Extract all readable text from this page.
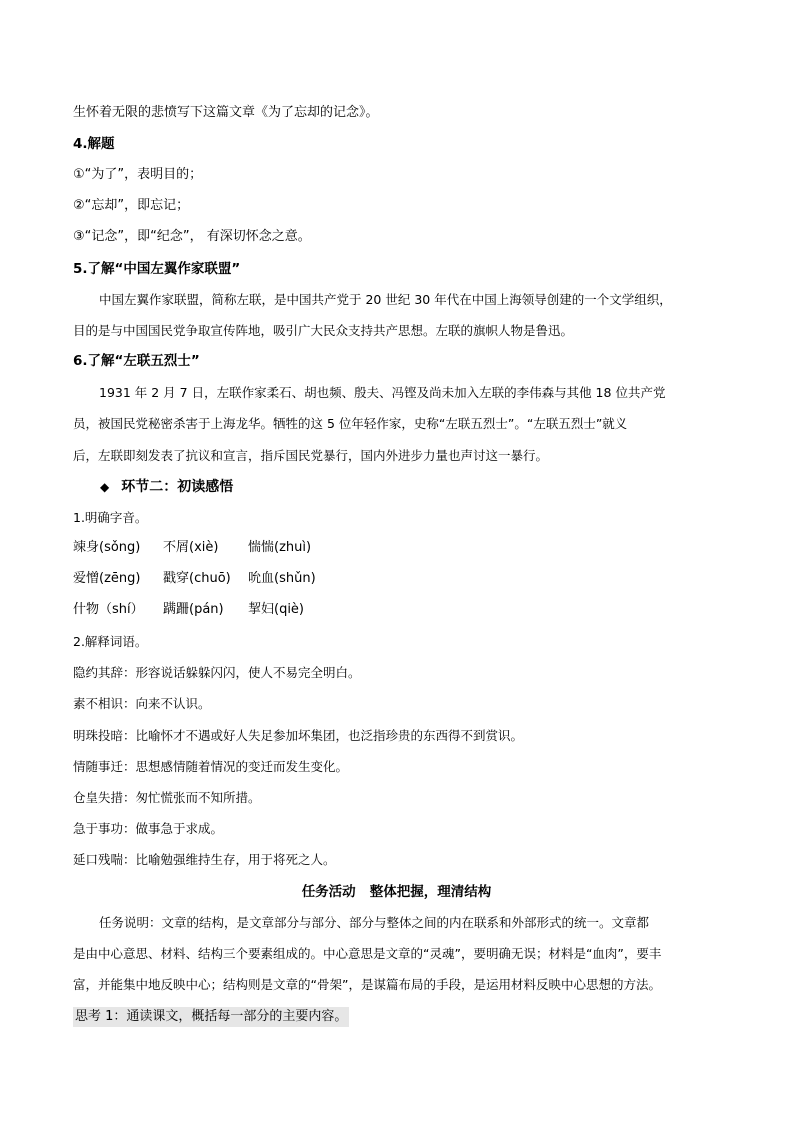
生怀着无限的悲愤写下这篇文章《为了忘却的记念》。
4.解题
①“为了”，表明目的；
②“忘却”，即忘记；
③“记念”，即“纪念”， 有深切怀念之意。
5.了解“中国左翼作家联盟”
中国左翼作家联盟，简称左联，是中国共产党于 20 世纪 30 年代在中国上海领导创建的一个文学组织，
目的是与中国国民党争取宣传阵地，吸引广大民众支持共产思想。左联的旗帜人物是鲁迅。
6.了解“左联五烈士”
1931 年 2 月 7 日，左联作家柔石、胡也频、殷夫、冯铿及尚未加入左联的李伟森与其他 18 位共产党
员，被国民党秘密杀害于上海龙华。牺牲的这 5 位年轻作家，史称“左联五烈士”。“左联五烈士”就义
后，左联即刻发表了抗议和宣言，指斥国民党暴行，国内外进步力量也声讨这一暴行。
◆ 环节二：初读感悟
1.明确字音。
竦身(sǒng) 不屑(xiè) 惴惴(zhuì)
爱憎(zēng) 戳穿(chuō) 吮血(shǔn)
什物（shí） 蹒跚(pán) 挈妇(qiè)
2.解释词语。
隐约其辞：形容说话躲躲闪闪，使人不易完全明白。
素不相识：向来不认识。
明珠投暗：比喻怀才不遇或好人失足参加坏集团，也泛指珍贵的东西得不到赏识。
情随事迁：思想感情随着情况的变迁而发生变化。
仓皇失措：匆忙慌张而不知所措。
急于事功：做事急于求成。
延口残喘：比喻勉强维持生存，用于将死之人。
任务活动   整体把握，理清结构
任务说明：文章的结构，是文章部分与部分、部分与整体之间的内在联系和外部形式的统一。文章都
是由中心意思、材料、结构三个要素组成的。中心意思是文章的“灵魂”，要明确无误；材料是“血肉”，要丰
富，并能集中地反映中心；结构则是文章的“骨架”，是谋篇布局的手段，是运用材料反映中心思想的方法。
思考 1：通读课文，概括每一部分的主要内容。
